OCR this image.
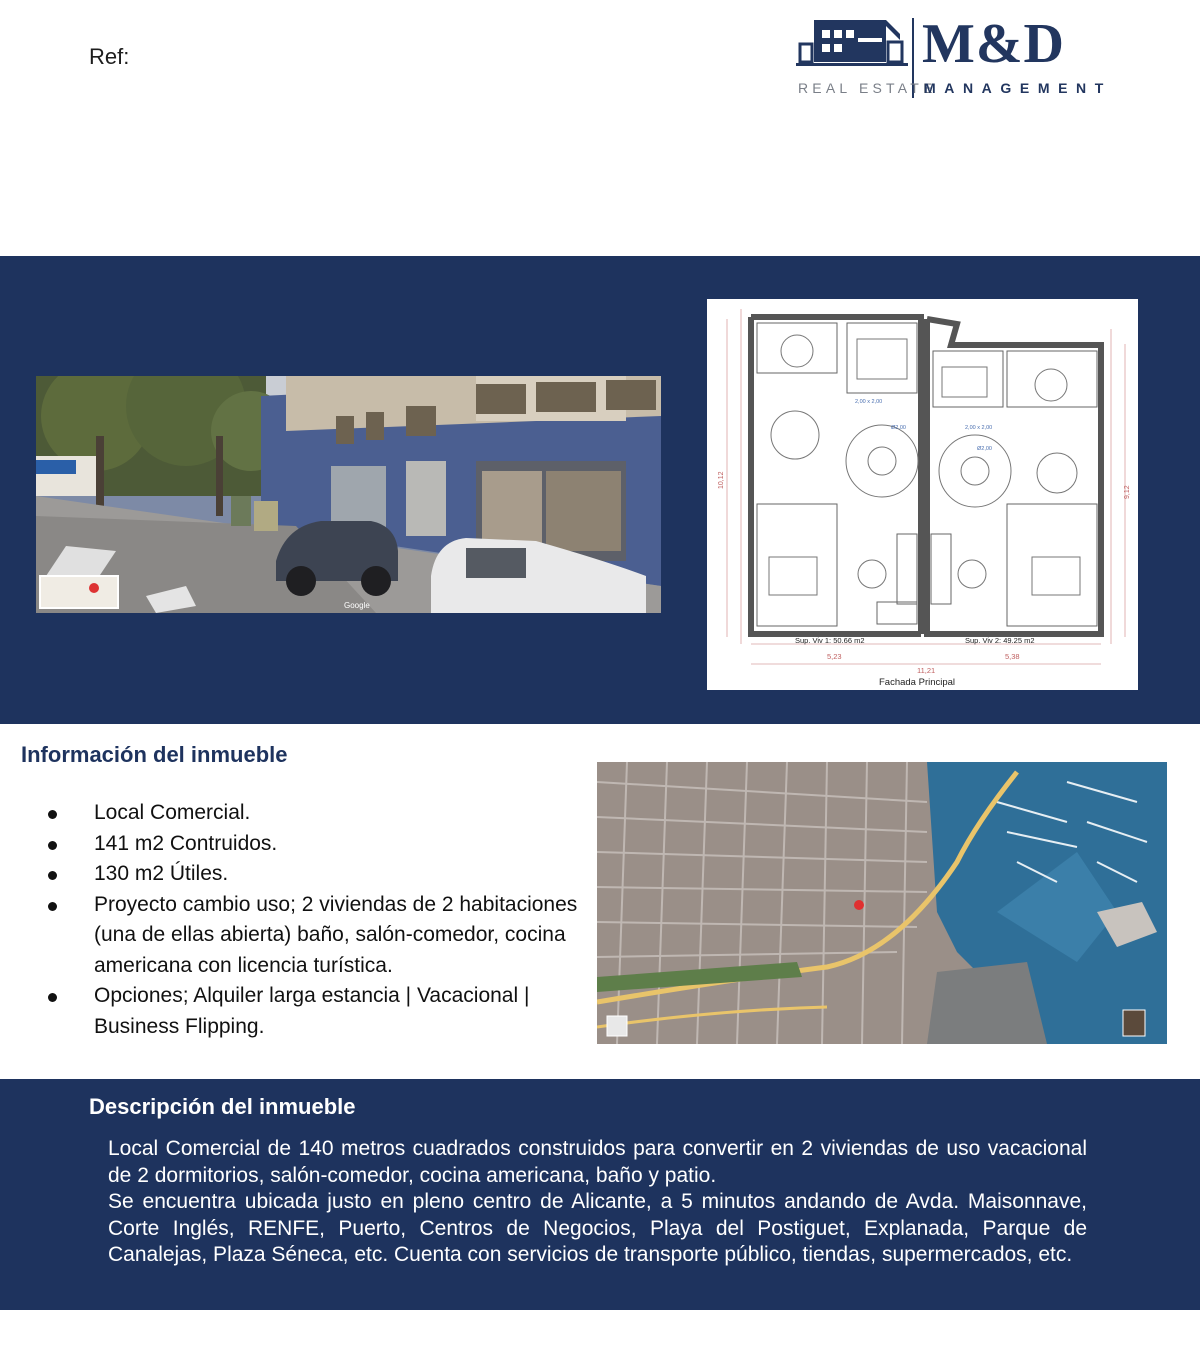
Ref:	M&D
REAL ESTATE
MANAGEMENT
Google
Sup. Viv 1: 50.66 m2	Sup. Viv 2: 49.25 m2
5,23	5,38
11,21
Fachada Principal
2,00 x 2,00
2,00 x 2,00
Ø2,00
Ø2,00
10,12
9,12
Información del inmueble
Local Comercial.
141 m2 Contruidos.
130 m2 Útiles.
Proyecto cambio uso; 2 viviendas de 2 habitaciones (una de ellas abierta) baño, salón-comedor, cocina americana con licencia turística.
Opciones; Alquiler larga estancia | Vacacional | Business Flipping.
Descripción del inmueble

Local Comercial de 140 metros cuadrados construidos para convertir en 2 viviendas de uso vacacional de 2 dormitorios, salón-comedor, cocina americana, baño y patio.

Se encuentra ubicada justo en pleno centro de Alicante, a 5 minutos andando de Avda. Maisonnave, Corte Inglés, RENFE, Puerto, Centros de Negocios, Playa del Postiguet, Explanada, Parque de Canalejas, Plaza Séneca, etc. Cuenta con servicios de transporte público, tiendas, supermercados, etc.
